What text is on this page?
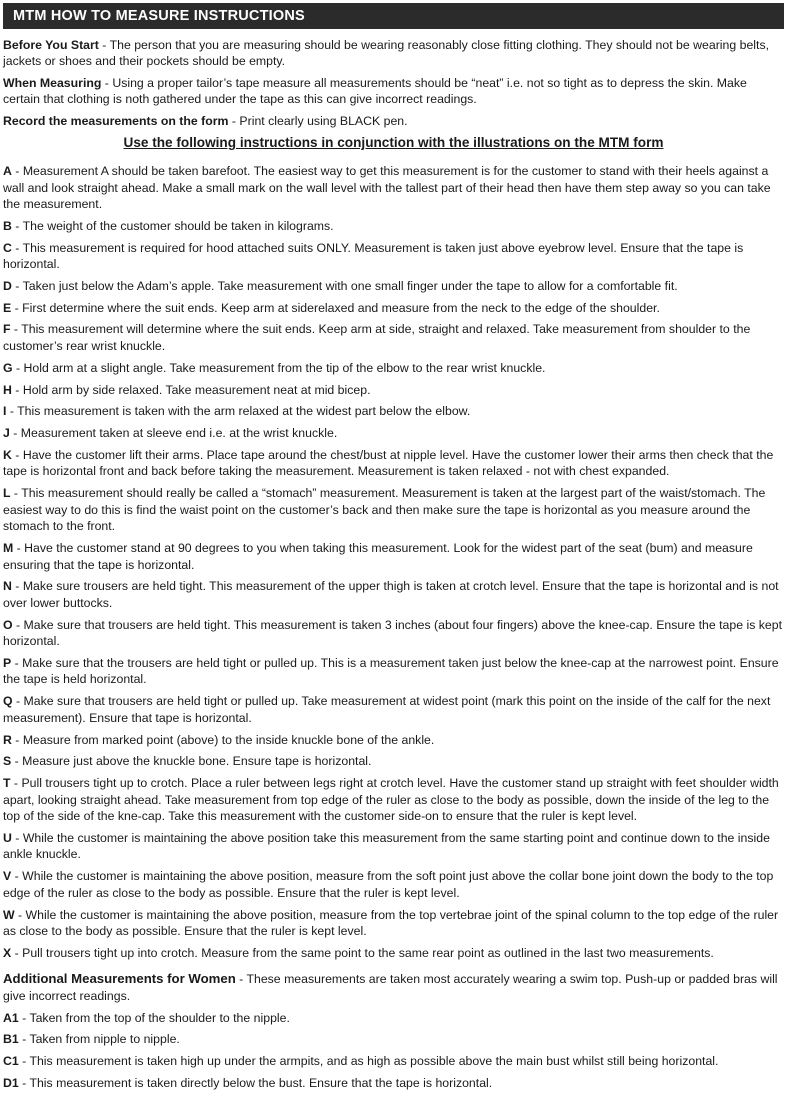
MTM HOW TO MEASURE INSTRUCTIONS

Before You Start - The person that you are measuring should be wearing reasonably close fitting clothing. They should not be wearing belts, jackets or shoes and their pockets should be empty.

When Measuring - Using a proper tailor’s tape measure all measurements should be “neat” i.e. not so tight as to depress the skin. Make certain that clothing is noth gathered under the tape as this can give incorrect readings.

Record the measurements on the form - Print clearly using BLACK pen.

Use the following instructions in conjunction with the illustrations on the MTM form

A - Measurement A should be taken barefoot. The easiest way to get this measurement is for the customer to stand with their heels against a wall and look straight ahead. Make a small mark on the wall level with the tallest part of their head then have them step away so you can take the measurement.

B - The weight of the customer should be taken in kilograms.

C - This measurement is required for hood attached suits ONLY. Measurement is taken just above eyebrow level. Ensure that the tape is horizontal.

D - Taken just below the Adam’s apple. Take measurement with one small finger under the tape to allow for a comfortable fit.

E - First determine where the suit ends. Keep arm at siderelaxed and measure from the neck to the edge of the shoulder.

F - This measurement will determine where the suit ends. Keep arm at side, straight and relaxed. Take measurement from shoulder to the customer’s rear wrist knuckle.

G - Hold arm at a slight angle. Take measurement from the tip of the elbow to the rear wrist knuckle.

H - Hold arm by side relaxed. Take measurement neat at mid bicep.

I - This measurement is taken with the arm relaxed at the widest part below the elbow.

J - Measurement taken at sleeve end i.e. at the wrist knuckle.

K - Have the customer lift their arms. Place tape around the chest/bust at nipple level. Have the customer lower their arms then check that the tape is horizontal front and back before taking the measurement. Measurement is taken relaxed - not with chest expanded.

L - This measurement should really be called a “stomach” measurement. Measurement is taken at the largest part of the waist/stomach. The easiest way to do this is find the waist point on the customer’s back and then make sure the tape is horizontal as you measure around the stomach to the front.

M - Have the customer stand at 90 degrees to you when taking this measurement. Look for the widest part of the seat (bum) and measure ensuring that the tape is horizontal.

N - Make sure trousers are held tight. This measurement of the upper thigh is taken at crotch level. Ensure that the tape is horizontal and is not over lower buttocks.

O - Make sure that trousers are held tight. This measurement is taken 3 inches (about four fingers) above the knee-cap. Ensure the tape is kept horizontal.

P - Make sure that the trousers are held tight or pulled up. This is a measurement taken just below the knee-cap at the narrowest point. Ensure the tape is held horizontal.

Q - Make sure that trousers are held tight or pulled up. Take measurement at widest point (mark this point on the inside of the calf for the next measurement). Ensure that tape is horizontal.

R - Measure from marked point (above) to the inside knuckle bone of the ankle.

S - Measure just above the knuckle bone. Ensure tape is horizontal.

T - Pull trousers tight up to crotch. Place a ruler between legs right at crotch level. Have the customer stand up straight with feet shoulder width apart, looking straight ahead. Take measurement from top edge of the ruler as close to the body as possible, down the inside of the leg to the top of the side of the kne-cap. Take this measurement with the customer side-on to ensure that the ruler is kept level.

U - While the customer is maintaining the above position take this measurement from the same starting point and continue down to the inside ankle knuckle.

V - While the customer is maintaining the above position, measure from the soft point just above the collar bone joint down the body to the top edge of the ruler as close to the body as possible. Ensure that the ruler is kept level.

W - While the customer is maintaining the above position, measure from the top vertebrae joint of the spinal column to the top edge of the ruler as close to the body as possible. Ensure that the ruler is kept level.

X - Pull trousers tight up into crotch. Measure from the same point to the same rear point as outlined in the last two measurements.

Additional Measurements for Women - These measurements are taken most accurately wearing a swim top. Push-up or padded bras will give incorrect readings.

A1 - Taken from the top of the shoulder to the nipple.

B1 - Taken from nipple to nipple.

C1 - This measurement is taken high up under the armpits, and as high as possible above the main bust whilst still being horizontal.

D1 - This measurement is taken directly below the bust. Ensure that the tape is horizontal.
